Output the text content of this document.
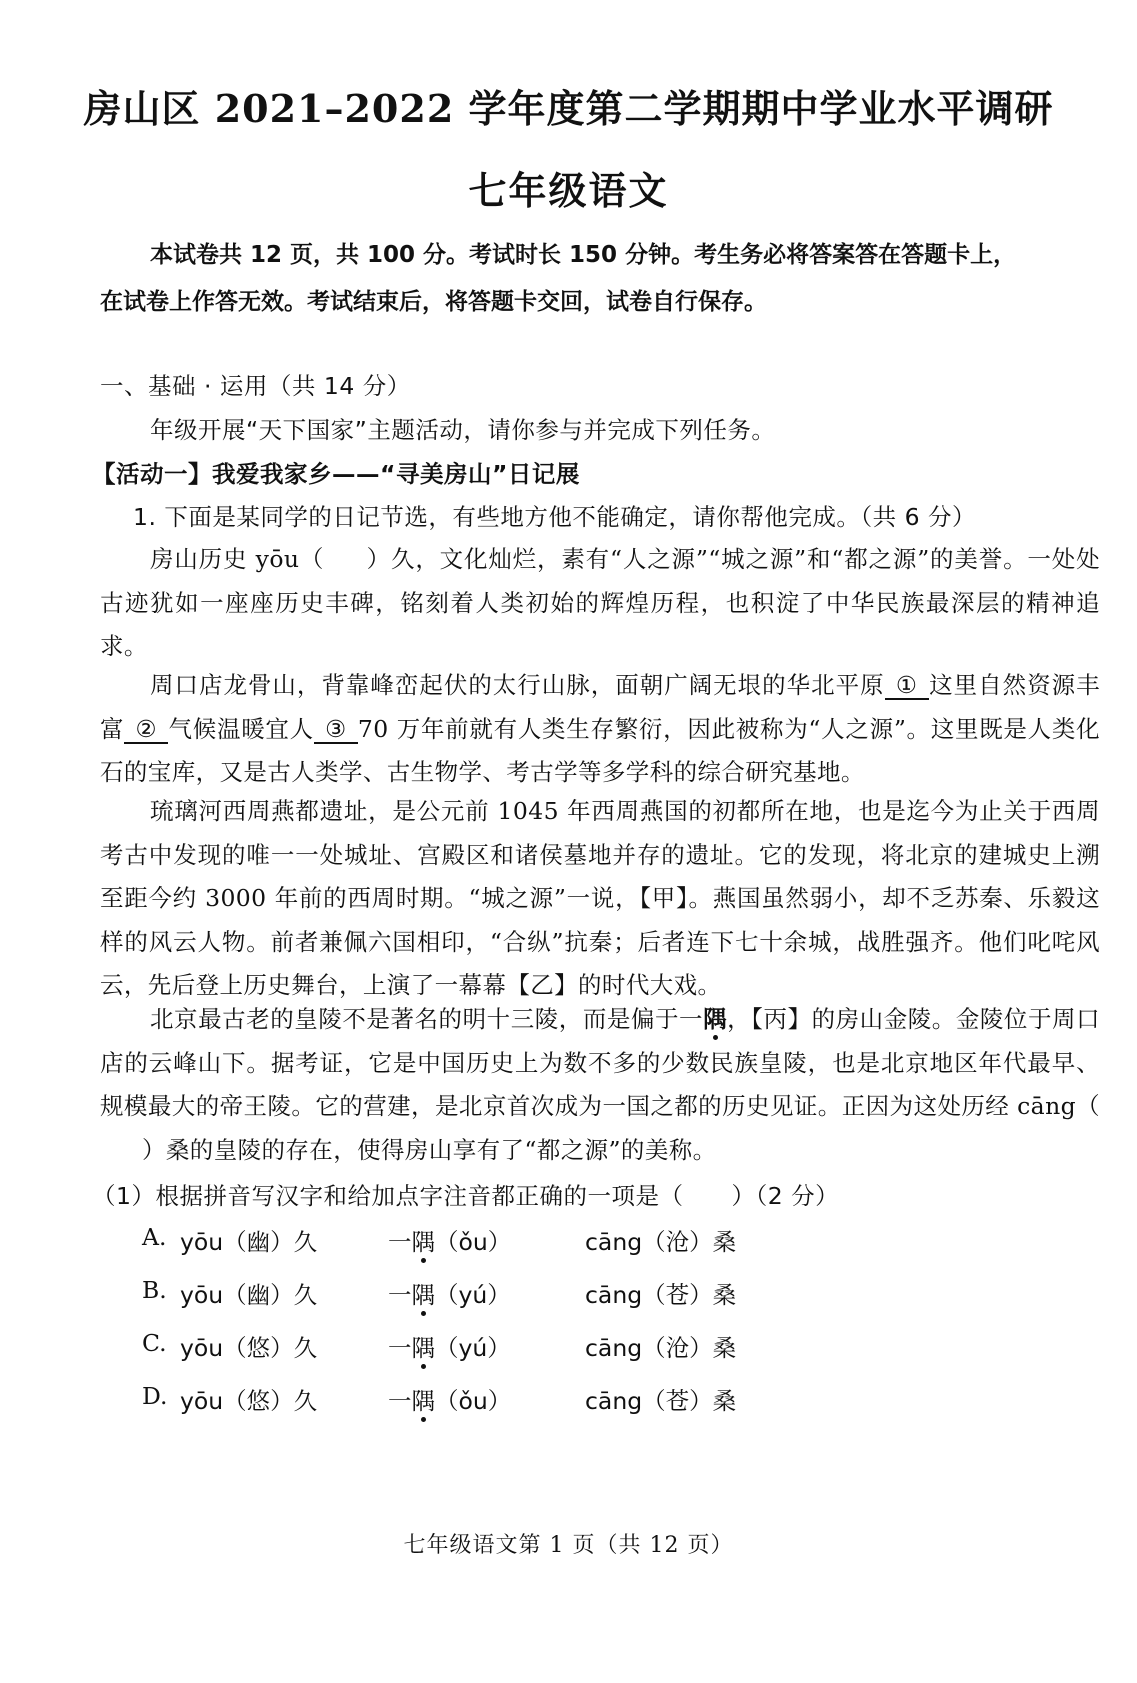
房山区 2021–2022 学年度第二学期期中学业水平调研
七年级语文
本试卷共 12 页，共 100 分。考试时长 150 分钟。考生务必将答案答在答题卡上，
在试卷上作答无效。考试结束后，将答题卡交回，试卷自行保存。
一、基础 · 运用（共 14 分）
年级开展“天下国家”主题活动，请你参与并完成下列任务。
【活动一】我爱我家乡——“寻美房山”日记展
1. 下面是某同学的日记节选，有些地方他不能确定，请你帮他完成。（共 6 分）
房山历史 yōu（ ）久，文化灿烂，素有“人之源”“城之源”和“都之源”的美誉。一处处古迹犹如一座座历史丰碑，铭刻着人类初始的辉煌历程，也积淀了中华民族最深层的精神追求。
周口店龙骨山，背靠峰峦起伏的太行山脉，面朝广阔无垠的华北平原 ① 这里自然资源丰富 ② 气候温暖宜人 ③ 70 万年前就有人类生存繁衍，因此被称为“人之源”。这里既是人类化石的宝库，又是古人类学、古生物学、考古学等多学科的综合研究基地。
琉璃河西周燕都遗址，是公元前 1045 年西周燕国的初都所在地，也是迄今为止关于西周考古中发现的唯一一处城址、宫殿区和诸侯墓地并存的遗址。它的发现，将北京的建城史上溯至距今约 3000 年前的西周时期。“城之源”一说，【甲】。燕国虽然弱小，却不乏苏秦、乐毅这样的风云人物。前者兼佩六国相印，“合纵”抗秦；后者连下七十余城，战胜强齐。他们叱咤风云，先后登上历史舞台，上演了一幕幕【乙】的时代大戏。
北京最古老的皇陵不是著名的明十三陵，而是偏于一隅，【丙】的房山金陵。金陵位于周口店的云峰山下。据考证，它是中国历史上为数不多的少数民族皇陵，也是北京地区年代最早、规模最大的帝王陵。它的营建，是北京首次成为一国之都的历史见证。正因为这处历经 cāng（）桑的皇陵的存在，使得房山享有了“都之源”的美称。
（1）根据拼音写汉字和给加点字注音都正确的一项是（　　）（2 分）
A. yōu（幽）久	一隅（ǒu）	cāng（沧）桑
B. yōu（幽）久	一隅（yú）	cāng（苍）桑
C. yōu（悠）久	一隅（yú）	cāng（沧）桑
D. yōu（悠）久	一隅（ǒu）	cāng（苍）桑
七年级语文第 1 页（共 12 页）
